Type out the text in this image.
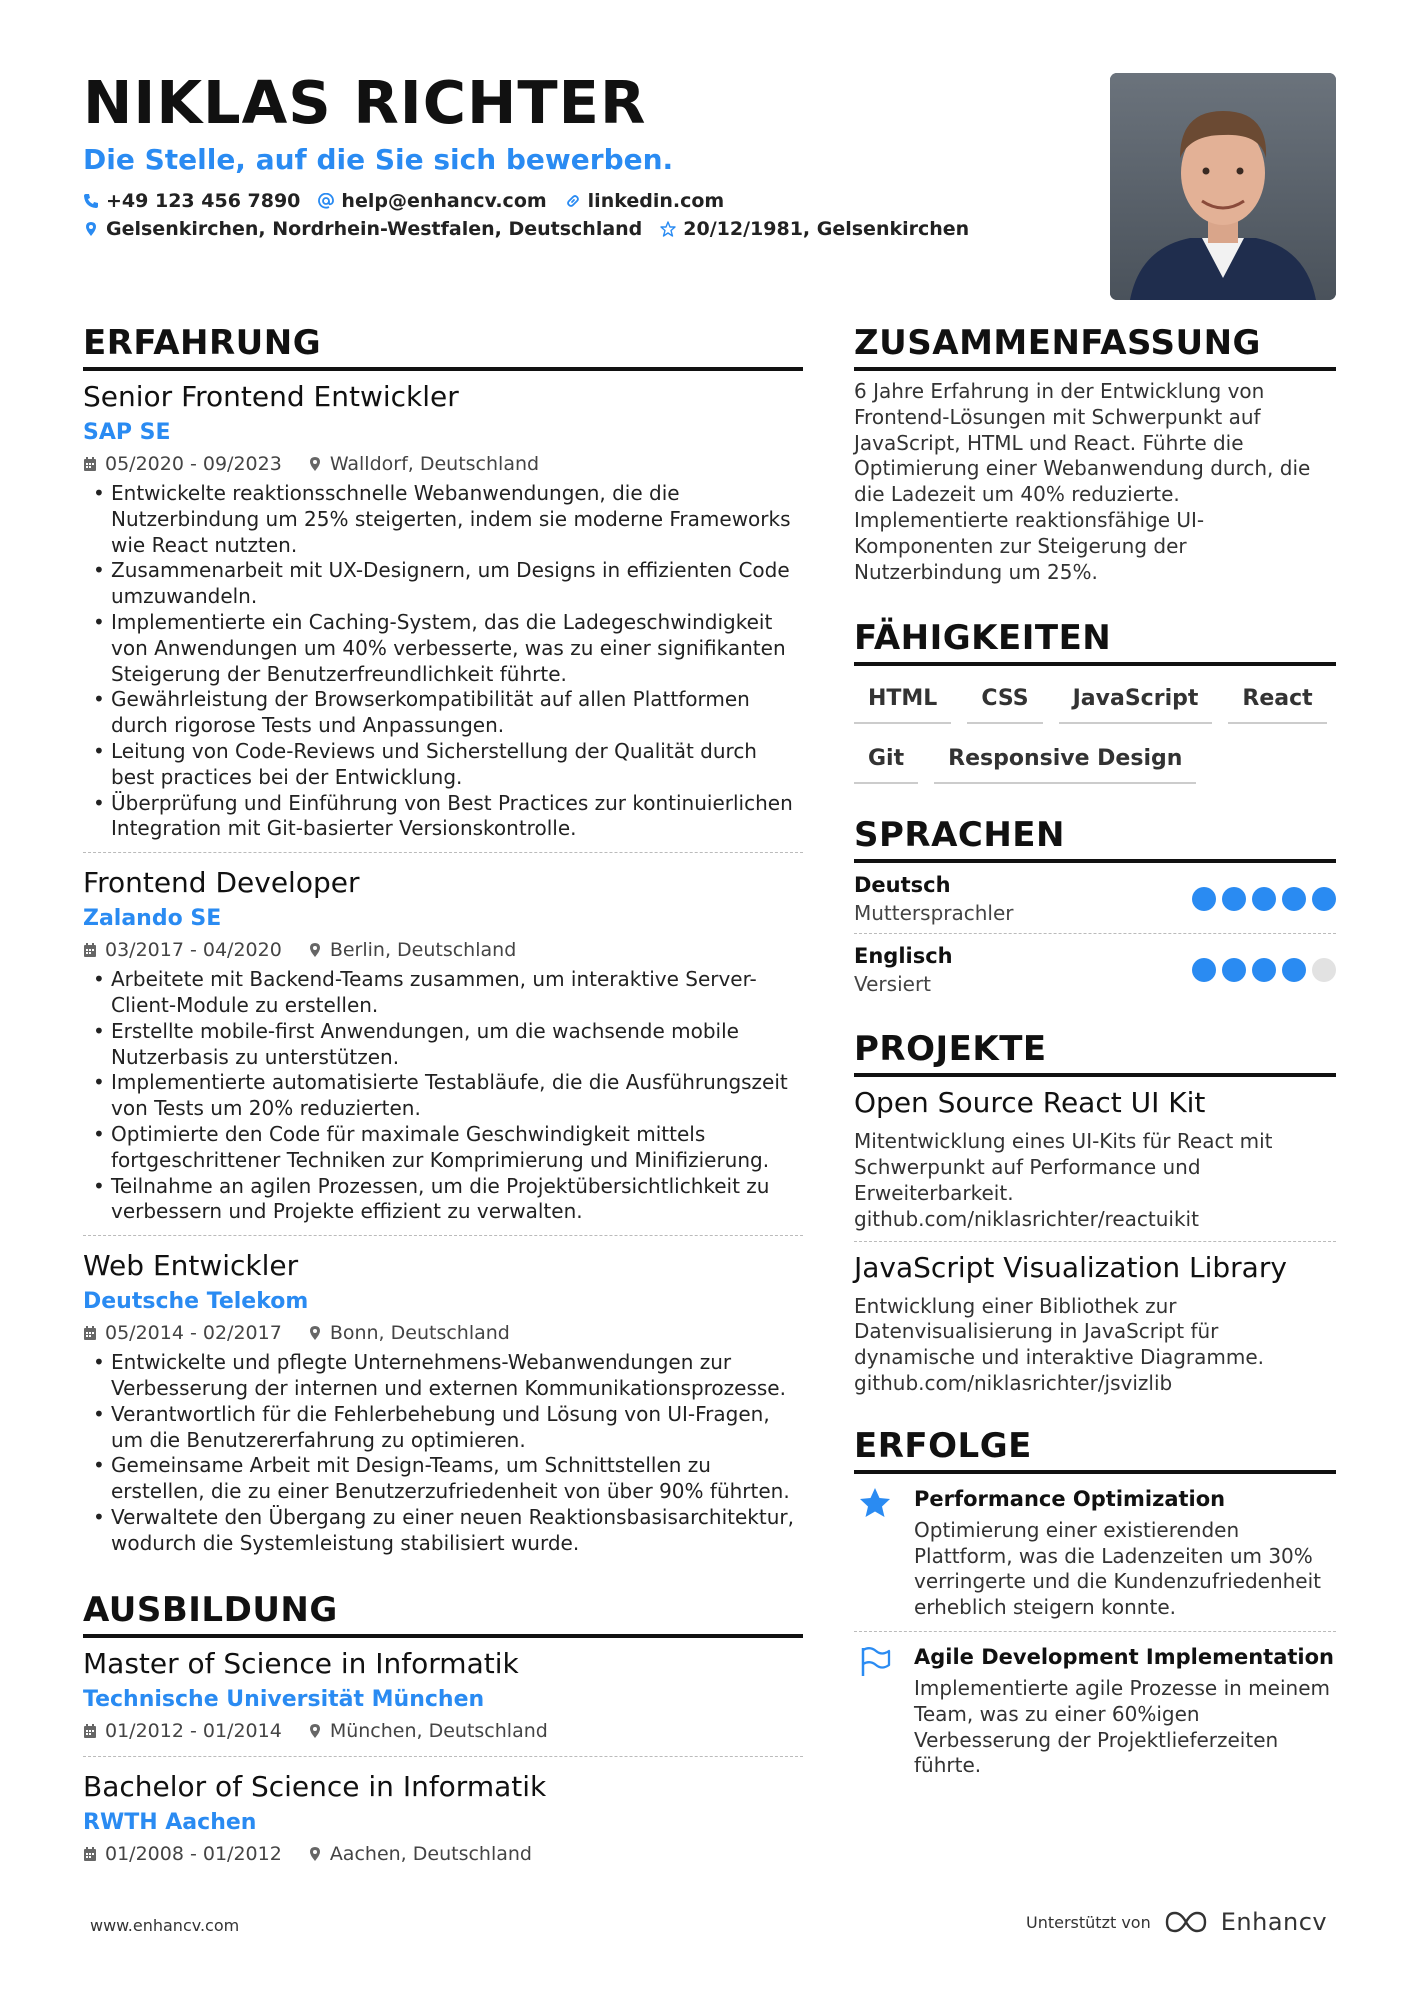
NIKLAS RICHTER
Die Stelle, auf die Sie sich bewerben.
+49 123 456 7890 help@enhancv.com linkedin.com
Gelsenkirchen, Nordrhein-Westfalen, Deutschland 20/12/1981, Gelsenkirchen
ERFAHRUNG
Senior Frontend Entwickler
SAP SE
05/2020 - 09/2023	Walldorf, Deutschland
• Entwickelte reaktionsschnelle Webanwendungen, die die Nutzerbindung um 25% steigerten, indem sie moderne Frameworks wie React nutzten.
• Zusammenarbeit mit UX-Designern, um Designs in effizienten Code umzuwandeln.
• Implementierte ein Caching-System, das die Ladegeschwindigkeit von Anwendungen um 40% verbesserte, was zu einer signifikanten Steigerung der Benutzerfreundlichkeit führte.
• Gewährleistung der Browserkompatibilität auf allen Plattformen durch rigorose Tests und Anpassungen.
• Leitung von Code-Reviews und Sicherstellung der Qualität durch best practices bei der Entwicklung.
• Überprüfung und Einführung von Best Practices zur kontinuierlichen Integration mit Git-basierter Versionskontrolle.
Frontend Developer
Zalando SE
03/2017 - 04/2020	Berlin, Deutschland
• Arbeitete mit Backend-Teams zusammen, um interaktive Server-Client-Module zu erstellen.
• Erstellte mobile-first Anwendungen, um die wachsende mobile Nutzerbasis zu unterstützen.
• Implementierte automatisierte Testabläufe, die die Ausführungszeit von Tests um 20% reduzierten.
• Optimierte den Code für maximale Geschwindigkeit mittels fortgeschrittener Techniken zur Komprimierung und Minifizierung.
• Teilnahme an agilen Prozessen, um die Projektübersichtlichkeit zu verbessern und Projekte effizient zu verwalten.
Web Entwickler
Deutsche Telekom
05/2014 - 02/2017	Bonn, Deutschland
• Entwickelte und pflegte Unternehmens-Webanwendungen zur Verbesserung der internen und externen Kommunikationsprozesse.
• Verantwortlich für die Fehlerbehebung und Lösung von UI-Fragen, um die Benutzererfahrung zu optimieren.
• Gemeinsame Arbeit mit Design-Teams, um Schnittstellen zu erstellen, die zu einer Benutzerzufriedenheit von über 90% führten.
• Verwaltete den Übergang zu einer neuen Reaktionsbasisarchitektur, wodurch die Systemleistung stabilisiert wurde.
AUSBILDUNG
Master of Science in Informatik
Technische Universität München
01/2012 - 01/2014	München, Deutschland
Bachelor of Science in Informatik
RWTH Aachen
01/2008 - 01/2012	Aachen, Deutschland
ZUSAMMENFASSUNG
6 Jahre Erfahrung in der Entwicklung von Frontend-Lösungen mit Schwerpunkt auf JavaScript, HTML und React. Führte die Optimierung einer Webanwendung durch, die die Ladezeit um 40% reduzierte. Implementierte reaktionsfähige UI-Komponenten zur Steigerung der Nutzerbindung um 25%.
FÄHIGKEITEN
HTML	CSS	JavaScript	React
Git	Responsive Design
SPRACHEN
Deutsch
Muttersprachler
Englisch
Versiert
PROJEKTE
Open Source React UI Kit
Mitentwicklung eines UI-Kits für React mit Schwerpunkt auf Performance und Erweiterbarkeit.
github.com/niklasrichter/reactuikit
JavaScript Visualization Library
Entwicklung einer Bibliothek zur Datenvisualisierung in JavaScript für dynamische und interaktive Diagramme.
github.com/niklasrichter/jsvizlib
ERFOLGE
Performance Optimization
Optimierung einer existierenden Plattform, was die Ladenzeiten um 30% verringerte und die Kundenzufriedenheit erheblich steigern konnte.
Agile Development Implementation
Implementierte agile Prozesse in meinem Team, was zu einer 60%igen Verbesserung der Projektlieferzeiten führte.
www.enhancv.com	Unterstützt von	Enhancv
